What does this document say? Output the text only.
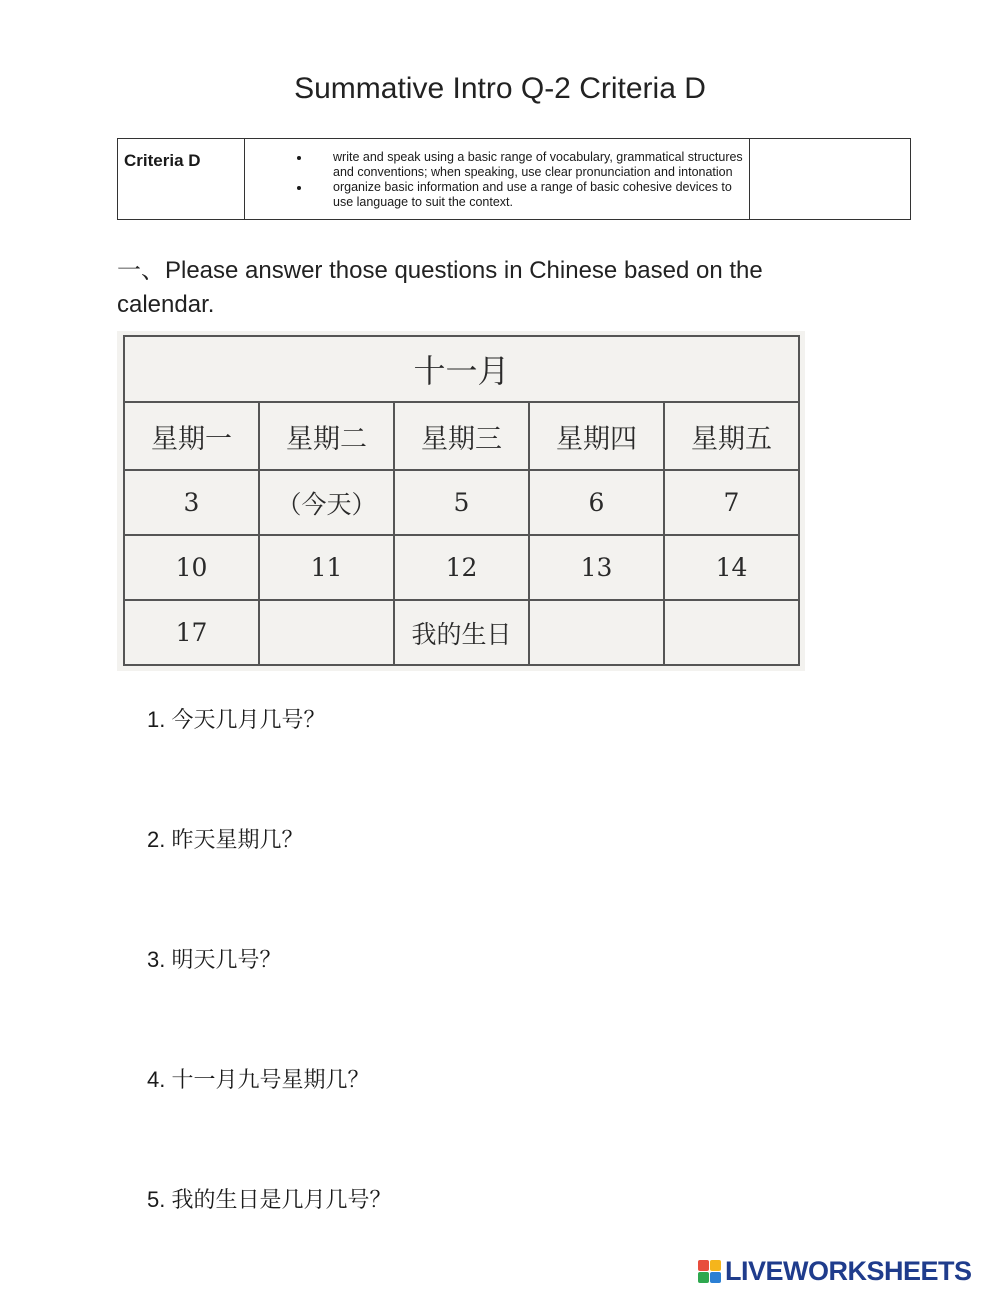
Summative Intro Q-2 Criteria D
Criteria D	
•write and speak using a basic range of vocabulary, grammatical structures and conventions; when speaking, use clear pronunciation and intonation
• organize basic information and use a range of basic cohesive devices to use language to suit the context.

一、Please answer those questions in Chinese based on the calendar.
十一月				
星期一	星期二	星期三	星期四	星期五
3	（今天）	5	6	7
10	11	12	13	14
17		我的生日		
1. 今天几月几号？
2. 昨天星期几？
3. 明天几号？
4. 十一月九号星期几？
5. 我的生日是几月几号？
LIVEWORKSHEETS
